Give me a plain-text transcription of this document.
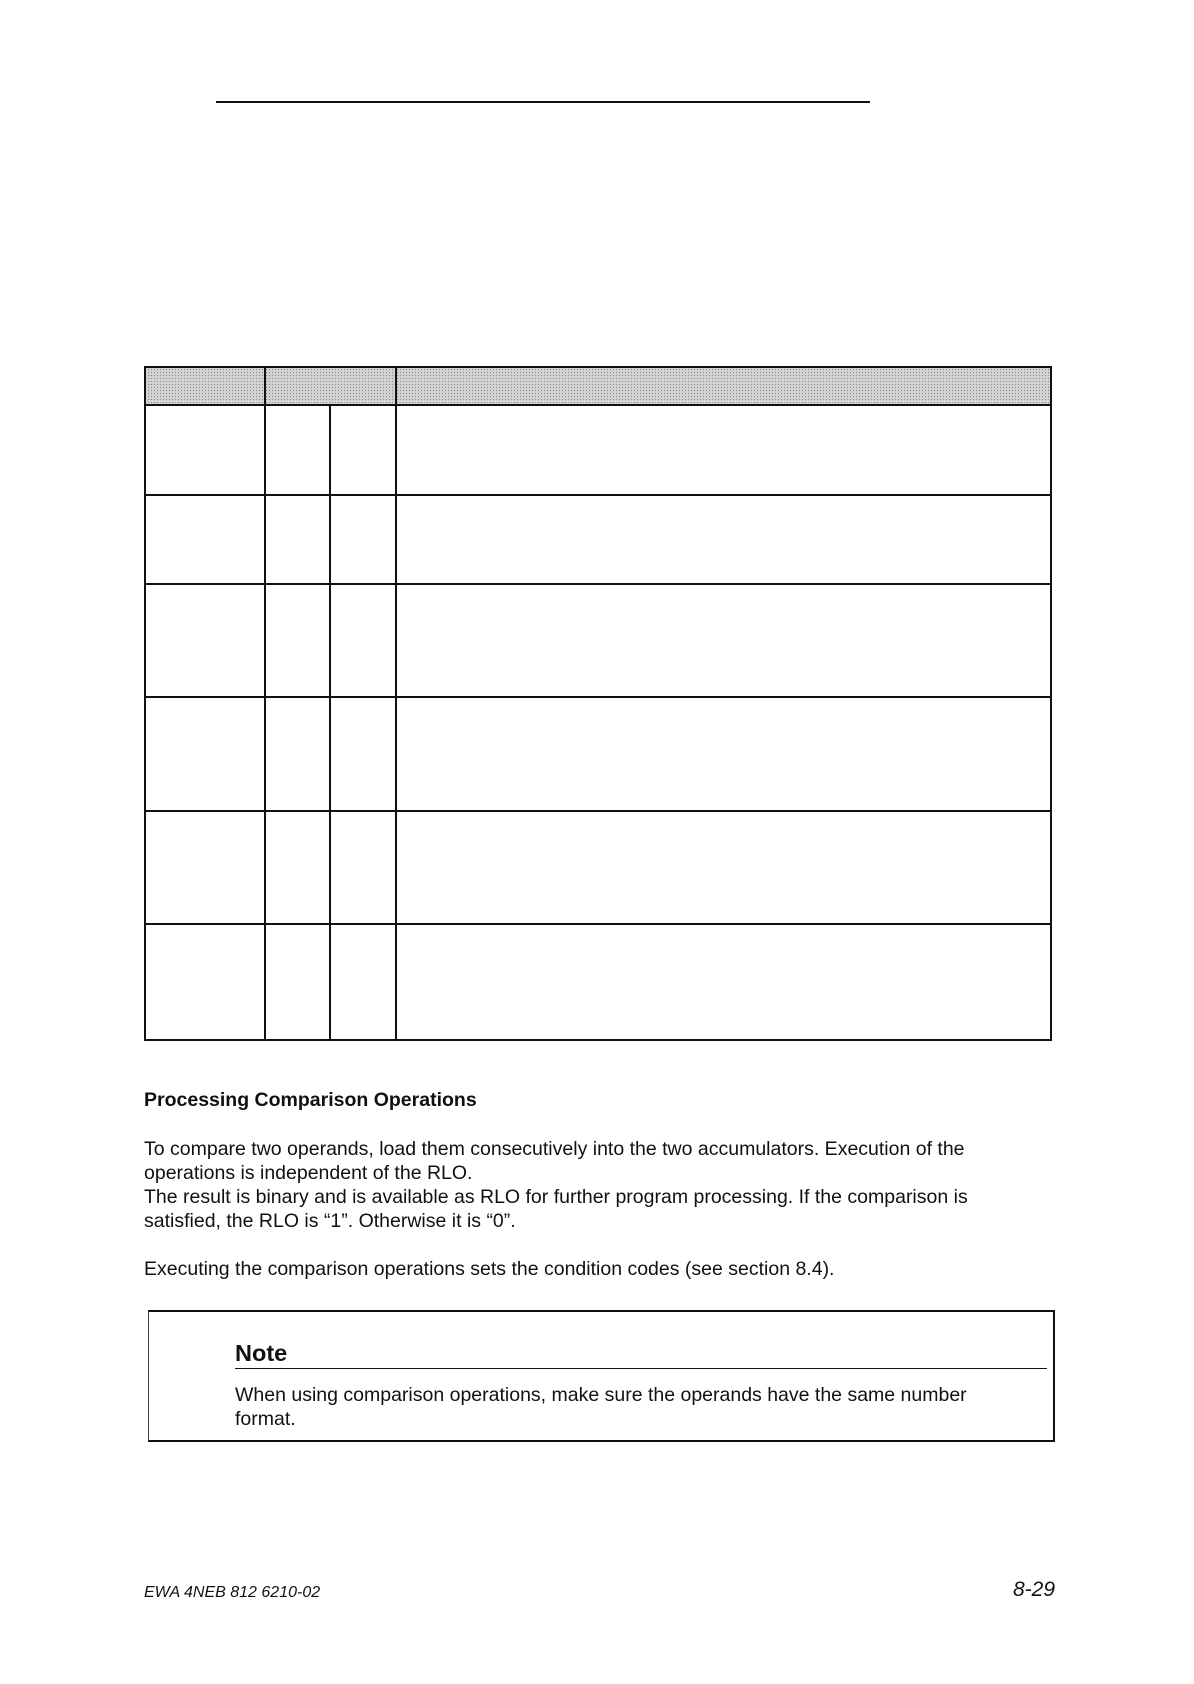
Processing Comparison Operations

To compare two operands, load them consecutively into the two accumulators. Execution of the operations is independent of the RLO.

The result is binary and is available as RLO for further program processing. If the comparison is satisfied, the RLO is “1”. Otherwise it is “0”.

Executing the comparison operations sets the condition codes (see section 8.4).

Note

When using comparison operations, make sure the operands have the same number format.

EWA 4NEB 812 6210-02	8-29
